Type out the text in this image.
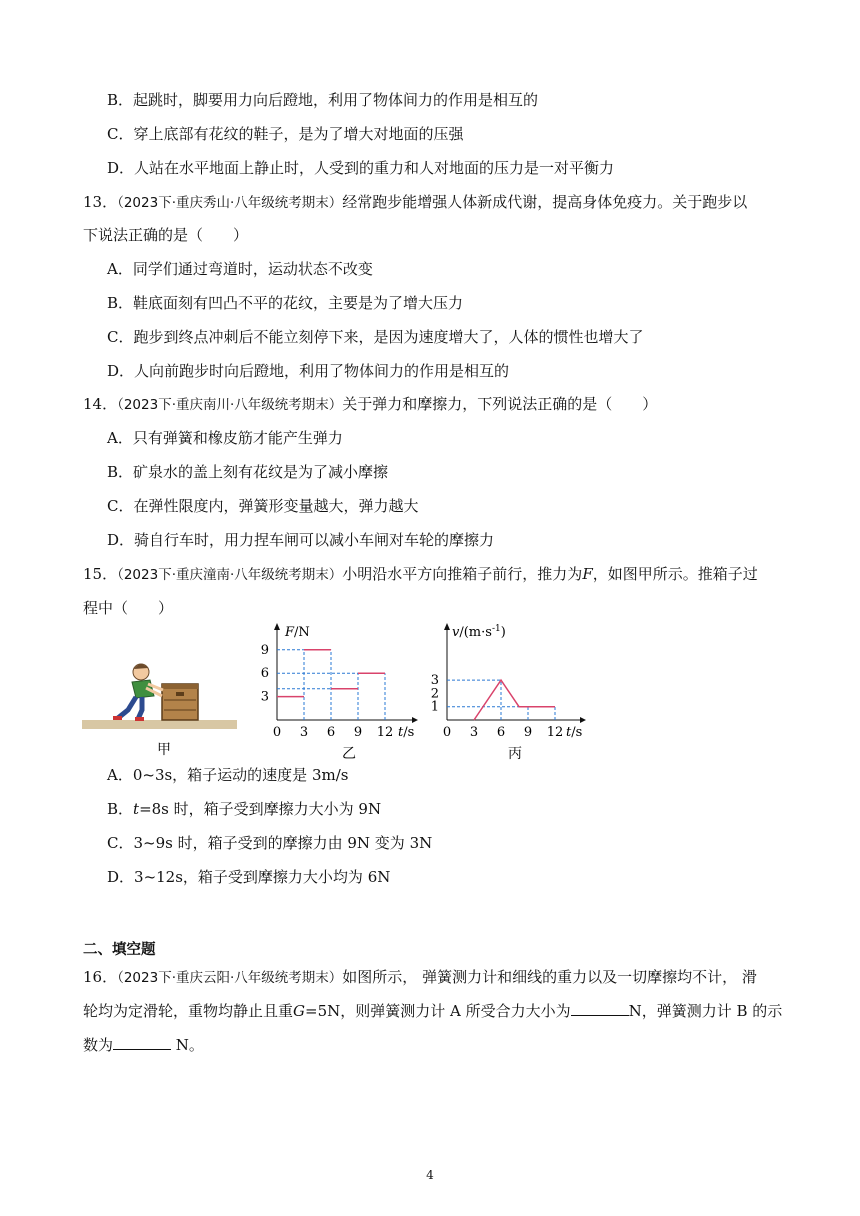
B．起跳时，脚要用力向后蹬地，利用了物体间力的作用是相互的
C．穿上底部有花纹的鞋子，是为了增大对地面的压强
D．人站在水平地面上静止时，人受到的重力和人对地面的压力是一对平衡力
13．（2023下·重庆秀山·八年级统考期末）经常跑步能增强人体新成代谢，提高身体免疫力。关于跑步以
下说法正确的是（　　）
A．同学们通过弯道时，运动状态不改变
B．鞋底面刻有凹凸不平的花纹，主要是为了增大压力
C．跑步到终点冲刺后不能立刻停下来，是因为速度增大了，人体的惯性也增大了
D．人向前跑步时向后蹬地，利用了物体间力的作用是相互的
14．（2023下·重庆南川·八年级统考期末）关于弹力和摩擦力，下列说法正确的是（　　）
A．只有弹簧和橡皮筋才能产生弹力
B．矿泉水的盖上刻有花纹是为了减小摩擦
C．在弹性限度内，弹簧形变量越大，弹力越大
D．骑自行车时，用力捏车闸可以减小车闸对车轮的摩擦力
15．（2023下·重庆潼南·八年级统考期末）小明沿水平方向推箱子前行，推力为F，如图甲所示。推箱子过
程中（　　）
甲
F/N
t/s
0 3 6 9 12
3
6
9
乙
$v/(m\cdot s^{-1})$
t/s
0 3 6 9 12
1
2
3
丙
A．0~3s，箱子运动的速度是 3m/s
B．t=8s 时，箱子受到摩擦力大小为 9N
C．3~9s 时，箱子受到的摩擦力由 9N 变为 3N
D．3~12s，箱子受到摩擦力大小均为 6N
二、填空题
16．（2023下·重庆云阳·八年级统考期末）如图所示， 弹簧测力计和细线的重力以及一切摩擦均不计， 滑
轮均为定滑轮，重物均静止且重G=5N，则弹簧测力计 A 所受合力大小为	N，弹簧测力计 B 的示
数为	N。
4
